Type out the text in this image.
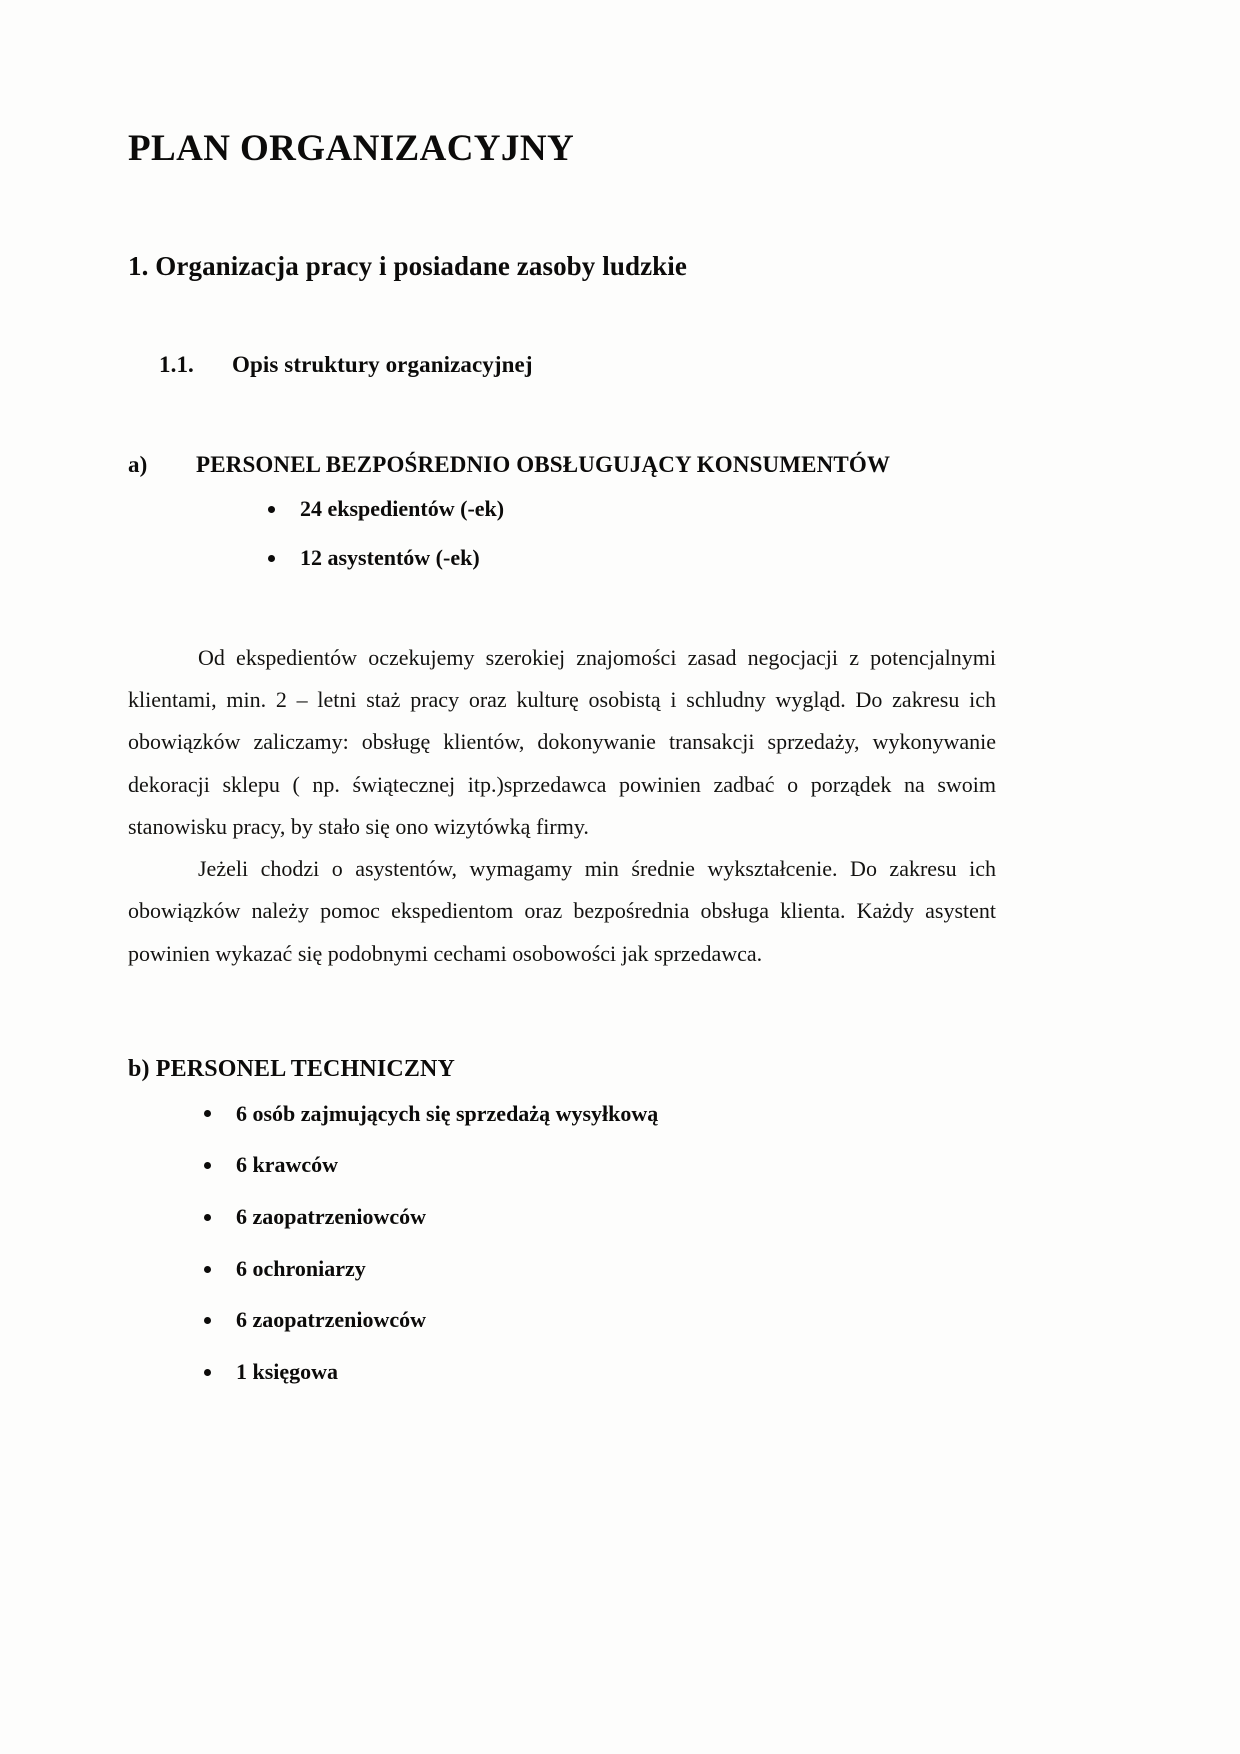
PLAN ORGANIZACYJNY
1. Organizacja pracy i posiadane zasoby ludzkie
1.1. Opis struktury organizacyjnej
a) PERSONEL BEZPOŚREDNIO OBSŁUGUJĄCY KONSUMENTÓW
24 ekspedientów (-ek)
12 asystentów (-ek)

Od ekspedientów oczekujemy szerokiej znajomości zasad negocjacji z potencjalnymi klientami, min. 2 – letni staż pracy oraz kulturę osobistą i schludny wygląd. Do zakresu ich obowiązków zaliczamy: obsługę klientów, dokonywanie transakcji sprzedaży, wykonywanie dekoracji sklepu ( np. świątecznej itp.)sprzedawca powinien zadbać o porządek na swoim stanowisku pracy, by stało się ono wizytówką firmy.

Jeżeli chodzi o asystentów, wymagamy min średnie wykształcenie. Do zakresu ich obowiązków należy pomoc ekspedientom oraz bezpośrednia obsługa klienta. Każdy asystent powinien wykazać się podobnymi cechami osobowości jak sprzedawca.

b) PERSONEL TECHNICZNY
6 osób zajmujących się sprzedażą wysyłkową
6 krawców
6 zaopatrzeniowców
6 ochroniarzy
6 zaopatrzeniowców
1 księgowa
